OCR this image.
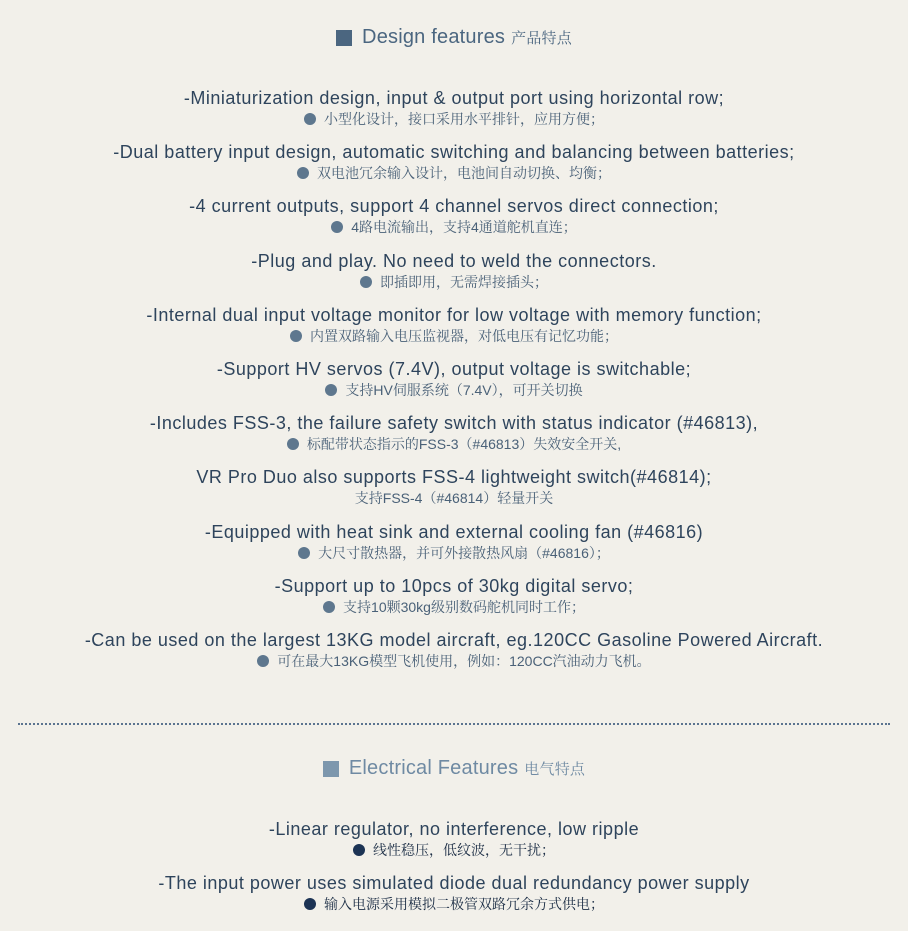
Design features 产品特点
-Miniaturization design, input & output port using horizontal row;
小型化设计，接口采用水平排针，应用方便；
-Dual battery input design, automatic switching and balancing between batteries;
双电池冗余输入设计，电池间自动切换、均衡；
-4 current outputs, support 4 channel servos direct connection;
4路电流输出，支持4通道舵机直连；
-Plug and play. No need to weld the connectors.
即插即用，无需焊接插头；
-Internal dual input voltage monitor for low voltage with memory function;
内置双路输入电压监视器，对低电压有记忆功能；
-Support HV servos (7.4V), output voltage is switchable;
支持HV伺服系统（7.4V），可开关切换
-Includes FSS-3, the failure safety switch with status indicator (#46813),
标配带状态指示的FSS-3（#46813）失效安全开关,
VR Pro Duo also supports FSS-4 lightweight switch(#46814);
支持FSS-4（#46814）轻量开关
-Equipped with heat sink and external cooling fan (#46816)
大尺寸散热器，并可外接散热风扇（#46816）；
-Support up to 10pcs of 30kg digital servo;
支持10颗30kg级别数码舵机同时工作；
-Can be used on the largest 13KG model aircraft, eg.120CC Gasoline Powered Aircraft.
可在最大13KG模型飞机使用，例如：120CC汽油动力飞机。
Electrical Features 电气特点
-Linear regulator, no interference, low ripple
线性稳压，低纹波，无干扰；
-The input power uses simulated diode dual redundancy power supply
输入电源采用模拟二极管双路冗余方式供电；
